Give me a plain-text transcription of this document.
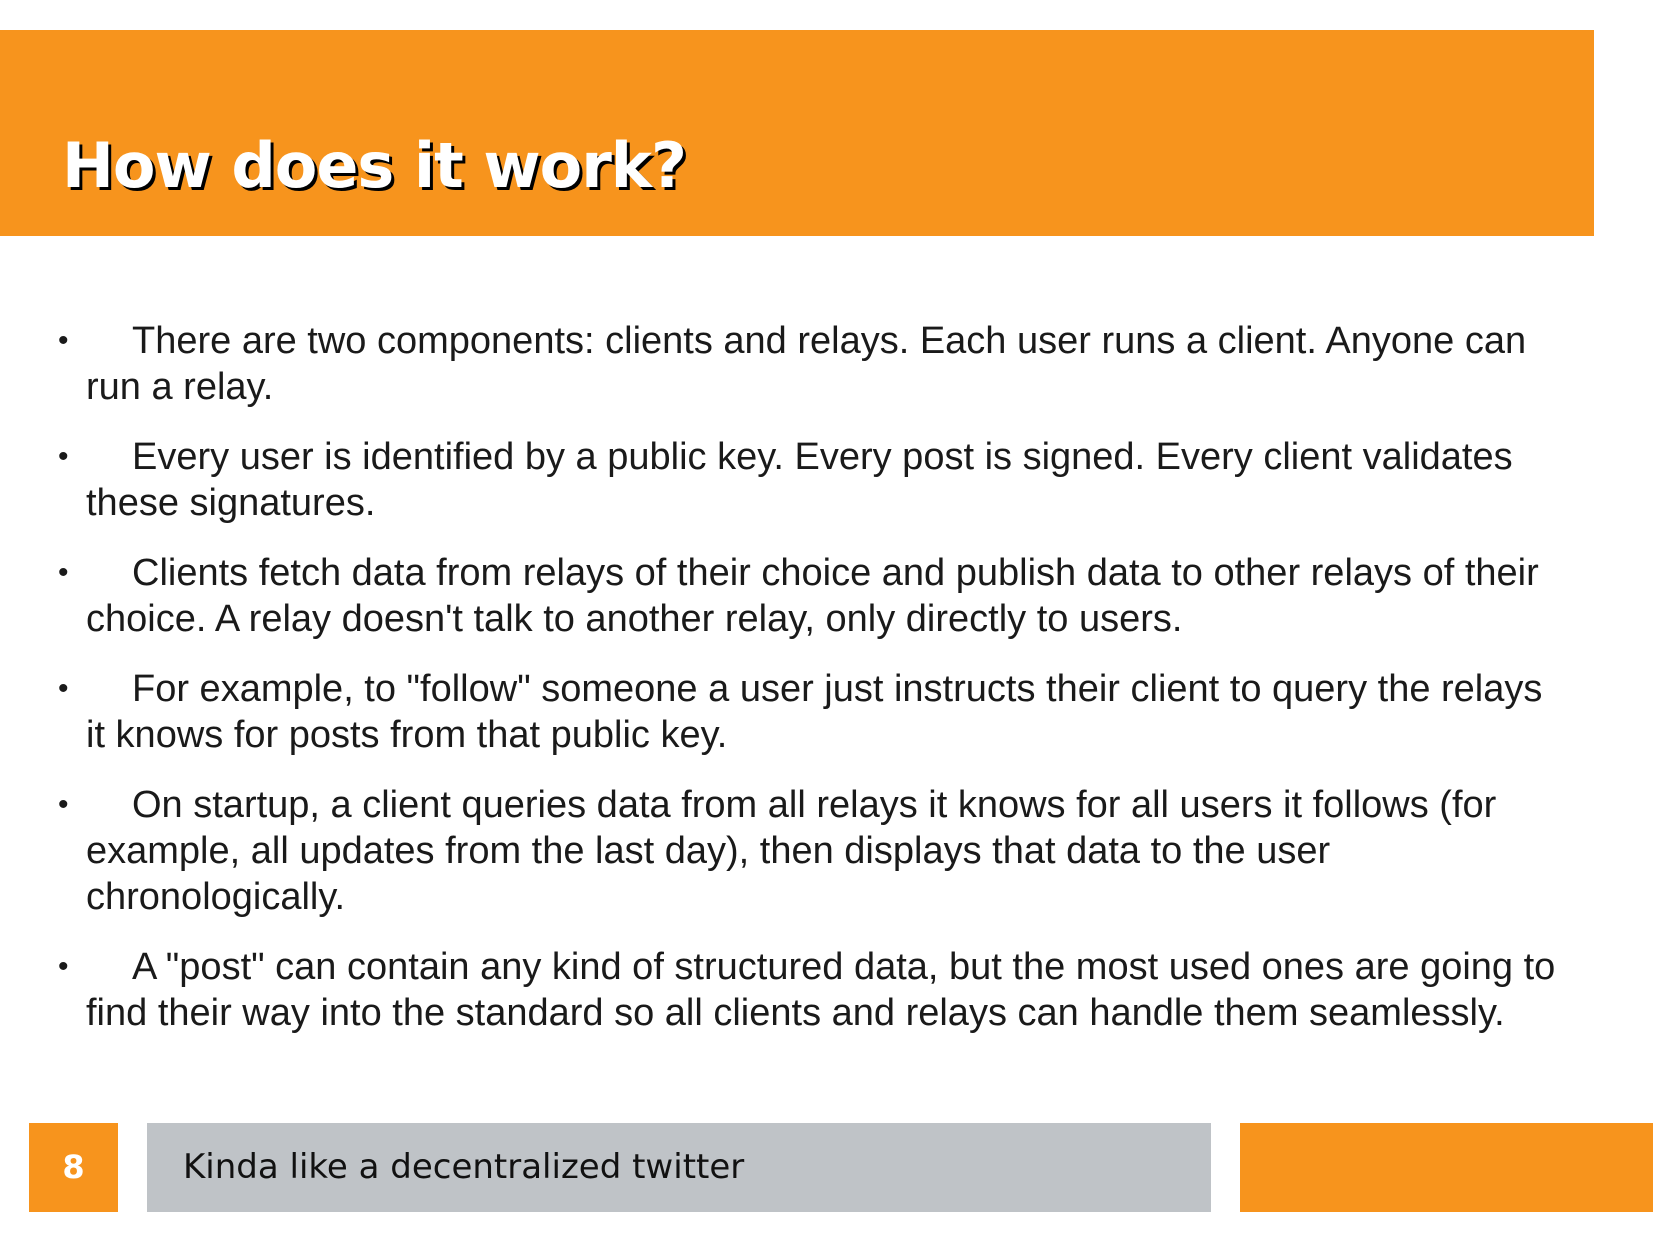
How does it work?
•	There are two components: clients and relays. Each user runs a client. Anyone can run a relay.
•	Every user is identified by a public key. Every post is signed. Every client validates these signatures.
•	Clients fetch data from relays of their choice and publish data to other relays of their choice. A relay doesn't talk to another relay, only directly to users.
•	For example, to "follow" someone a user just instructs their client to query the relays it knows for posts from that public key.
•	On startup, a client queries data from all relays it knows for all users it follows (for example, all updates from the last day), then displays that data to the user chronologically.
•	A "post" can contain any kind of structured data, but the most used ones are going to find their way into the standard so all clients and relays can handle them seamlessly.
8	Kinda like a decentralized twitter
